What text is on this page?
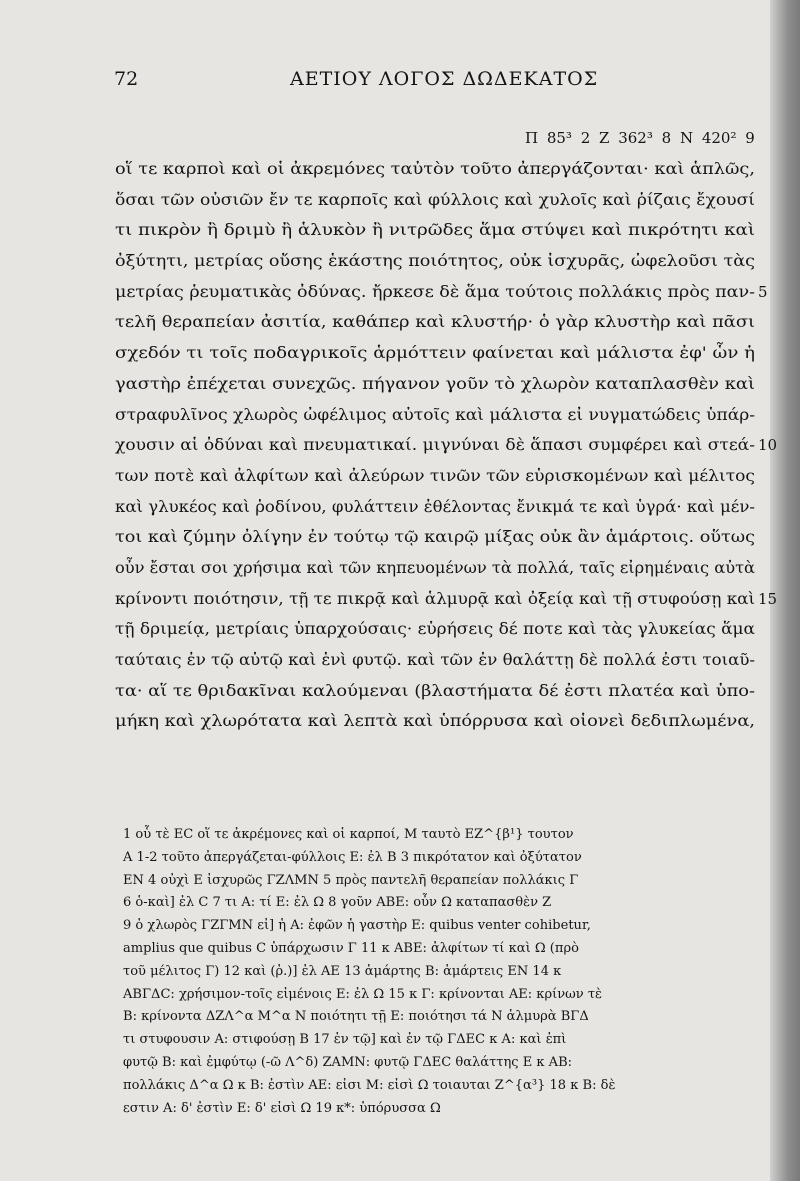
72	ΑΕΤΙΟΥ ΛΟΓΟΣ ΔΩΔΕΚΑΤΟΣ
Π 85³ 2 Ζ 362³ 8 Ν 420² 9
οἵ τε καρποὶ καὶ οἱ ἀκρεμόνες ταὐτὸν τοῦτο ἀπεργάζονται· καὶ ἁπλῶς,
ὅσαι τῶν οὐσιῶν ἔν τε καρποῖς καὶ φύλλοις καὶ χυλοῖς καὶ ῥίζαις ἔχουσί
τι πικρὸν ἢ δριμὺ ἢ ἁλυκὸν ἢ νιτρῶδες ἅμα στύψει καὶ πικρότητι καὶ
ὀξύτητι, μετρίας οὔσης ἑκάστης ποιότητος, οὐκ ἰσχυρᾶς, ὠφελοῦσι τὰς
μετρίας ῥευματικὰς ὀδύνας. ἤρκεσε δὲ ἅμα τούτοις πολλάκις πρὸς παν- 5
τελῆ θεραπείαν ἀσιτία, καθάπερ καὶ κλυστήρ· ὁ γὰρ κλυστὴρ καὶ πᾶσι
σχεδόν τι τοῖς ποδαγρικοῖς ἁρμόττειν φαίνεται καὶ μάλιστα ἐφ' ὧν ἡ
γαστὴρ ἐπέχεται συνεχῶς. πήγανον γοῦν τὸ χλωρὸν καταπλασθὲν καὶ
στραφυλῖνος χλωρὸς ὠφέλιμος αὐτοῖς καὶ μάλιστα εἰ νυγματώδεις ὑπάρ-
χουσιν αἱ ὀδύναι καὶ πνευματικαί. μιγνύναι δὲ ἅπασι συμφέρει καὶ στεά- 10
των ποτὲ καὶ ἀλφίτων καὶ ἀλεύρων τινῶν τῶν εὑρισκομένων καὶ μέλιτος
καὶ γλυκέος καὶ ῥοδίνου, φυλάττειν ἐθέλοντας ἔνικμά τε καὶ ὑγρά· καὶ μέν-
τοι καὶ ζύμην ὀλίγην ἐν τούτῳ τῷ καιρῷ μίξας οὐκ ἂν ἁμάρτοις. οὕτως
οὖν ἔσται σοι χρήσιμα καὶ τῶν κηπευομένων τὰ πολλά, ταῖς εἰρημέναις αὐτὰ
κρίνοντι ποιότησιν, τῇ τε πικρᾷ καὶ ἁλμυρᾷ καὶ ὀξείᾳ καὶ τῇ στυφούσῃ καὶ 15
τῇ δριμείᾳ, μετρίαις ὑπαρχούσαις· εὑρήσεις δέ ποτε καὶ τὰς γλυκείας ἅμα
ταύταις ἐν τῷ αὐτῷ καὶ ἑνὶ φυτῷ. καὶ τῶν ἐν θαλάττῃ δὲ πολλά ἐστι τοιαῦ-
τα· αἵ τε θριδακῖναι καλούμεναι (βλαστήματα δέ ἐστι πλατέα καὶ ὑπο-
μήκη καὶ χλωρότατα καὶ λεπτὰ καὶ ὑπόρρυσα καὶ οἱονεὶ δεδιπλωμένα,
1 οὗ τὲ EC οἵ τε ἀκρέμονες καὶ οἱ καρποί, Μ ταυτὸ ΕΖ^{β¹} τουτον Α 1-2 τοῦτο ἀπεργάζεται-φύλλοις Ε: ἐλ Β 3 πικρότατον καὶ ὀξύτατον ΕΝ 4 οὐχὶ Ε ἰσχυρῶς ΓΖΛΜΝ 5 πρὸς παντελῆ θεραπείαν πολλάκις Γ 6 ὁ-καὶ] ἐλ C 7 τι Α: τί Ε: ἐλ Ω 8 γοῦν ΑΒΕ: οὖν Ω καταπασθὲν Ζ 9 ὁ χλωρὸς ΓΖΓΜΝ εἰ] ἡ Α: ἐφῶν ἡ γαστὴρ Ε: quibus venter cohibetur, amplius que quibus C ὑπάρχωσιν Γ 11 κ ΑΒΕ: ἀλφίτων τί καὶ Ω (πρὸ τοῦ μέλιτος Γ) 12 καὶ (ῥ.)] ἐλ ΑΕ 13 ἁμάρτης Β: ἁμάρτεις ΕΝ 14 κ ΑΒΓΔC: χρήσιμον-τοῖς εἰμένοις Ε: ἐλ Ω 15 κ Γ: κρίνονται ΑΕ: κρίνων τὲ Β: κρίνοντα ΔΖΛ^α Μ^α Ν ποιότητι τῇ Ε: ποιότησι τά Ν ἁλμυρὰ ΒΓΔ τι στυφουσιν Α: στιφούσῃ Β 17 ἐν τῷ] καὶ ἐν τῷ ΓΔΕC κ Α: καὶ ἐπὶ φυτῷ Β: καὶ ἐμφύτῳ (-ῶ Λ^δ) ΖΑΜΝ: φυτῷ ΓΔΕC θαλάττης Ε κ ΑΒ: πολλάκις Δ^α Ω κ Β: ἐστὶν ΑΕ: εἰσι Μ: εἰσὶ Ω τοιαυται Ζ^{α³} 18 κ Β: δὲ εστιν Α: δ' ἐστὶν Ε: δ' εἰσὶ Ω 19 κ*: ὑπόρυσσα Ω
